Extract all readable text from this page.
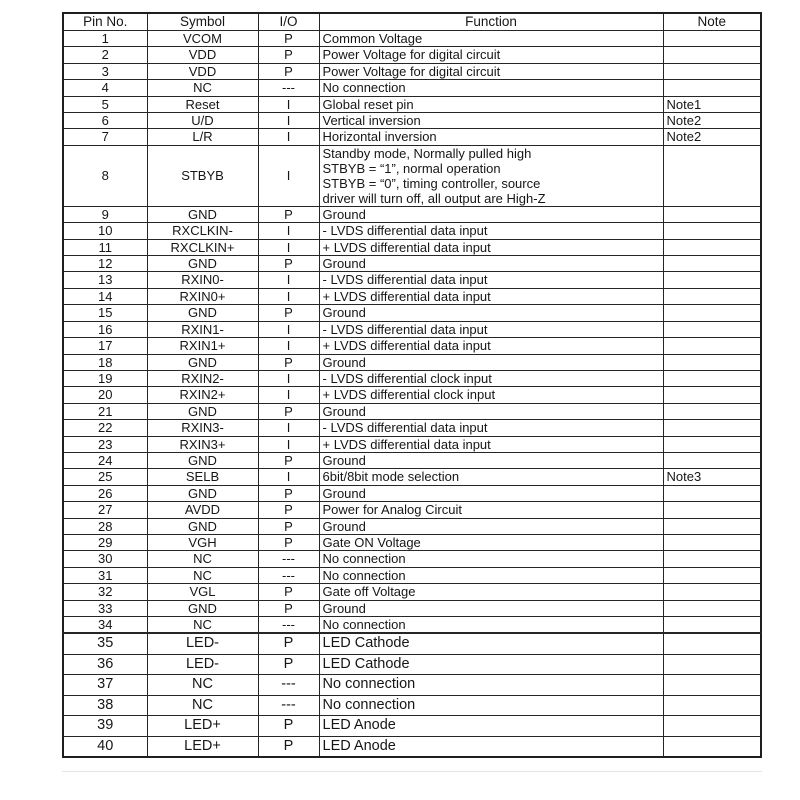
Pin No.	Symbol	I/O	Function	Note
1	VCOM	P	Common Voltage	
2	VDD	P	Power Voltage for digital circuit	
3	VDD	P	Power Voltage for digital circuit	
4	NC	---	No connection	
5	Reset	I	Global reset pin	Note1
6	U/D	I	Vertical inversion	Note2
7	L/R	I	Horizontal inversion	Note2
8	STBYB	I	Standby mode, Normally pulled high
STBYB = “1”, normal operation
STBYB = “0”, timing controller, source
driver will turn off, all output are High-Z	

9	GND	P	Ground	
10	RXCLKIN-	I	- LVDS differential data input	
11	RXCLKIN+	I	+ LVDS differential data input	
12	GND	P	Ground	
13	RXIN0-	I	- LVDS differential data input	
14	RXIN0+	I	+ LVDS differential data input	
15	GND	P	Ground	
16	RXIN1-	I	- LVDS differential data input	
17	RXIN1+	I	+ LVDS differential data input	
18	GND	P	Ground	
19	RXIN2-	I	- LVDS differential clock input	
20	RXIN2+	I	+ LVDS differential clock input	
21	GND	P	Ground	
22	RXIN3-	I	- LVDS differential data input	
23	RXIN3+	I	+ LVDS differential data input	
24	GND	P	Ground	
25	SELB	I	6bit/8bit mode selection	Note3
26	GND	P	Ground	
27	AVDD	P	Power for Analog Circuit	
28	GND	P	Ground	
29	VGH	P	Gate ON Voltage	
30	NC	---	No connection	
31	NC	---	No connection	
32	VGL	P	Gate off Voltage	
33	GND	P	Ground	
34	NC	---	No connection	
35	LED-	P	LED Cathode	
36	LED-	P	LED Cathode	
37	NC	---	No connection	
38	NC	---	No connection	
39	LED+	P	LED Anode	
40	LED+	P	LED Anode	
